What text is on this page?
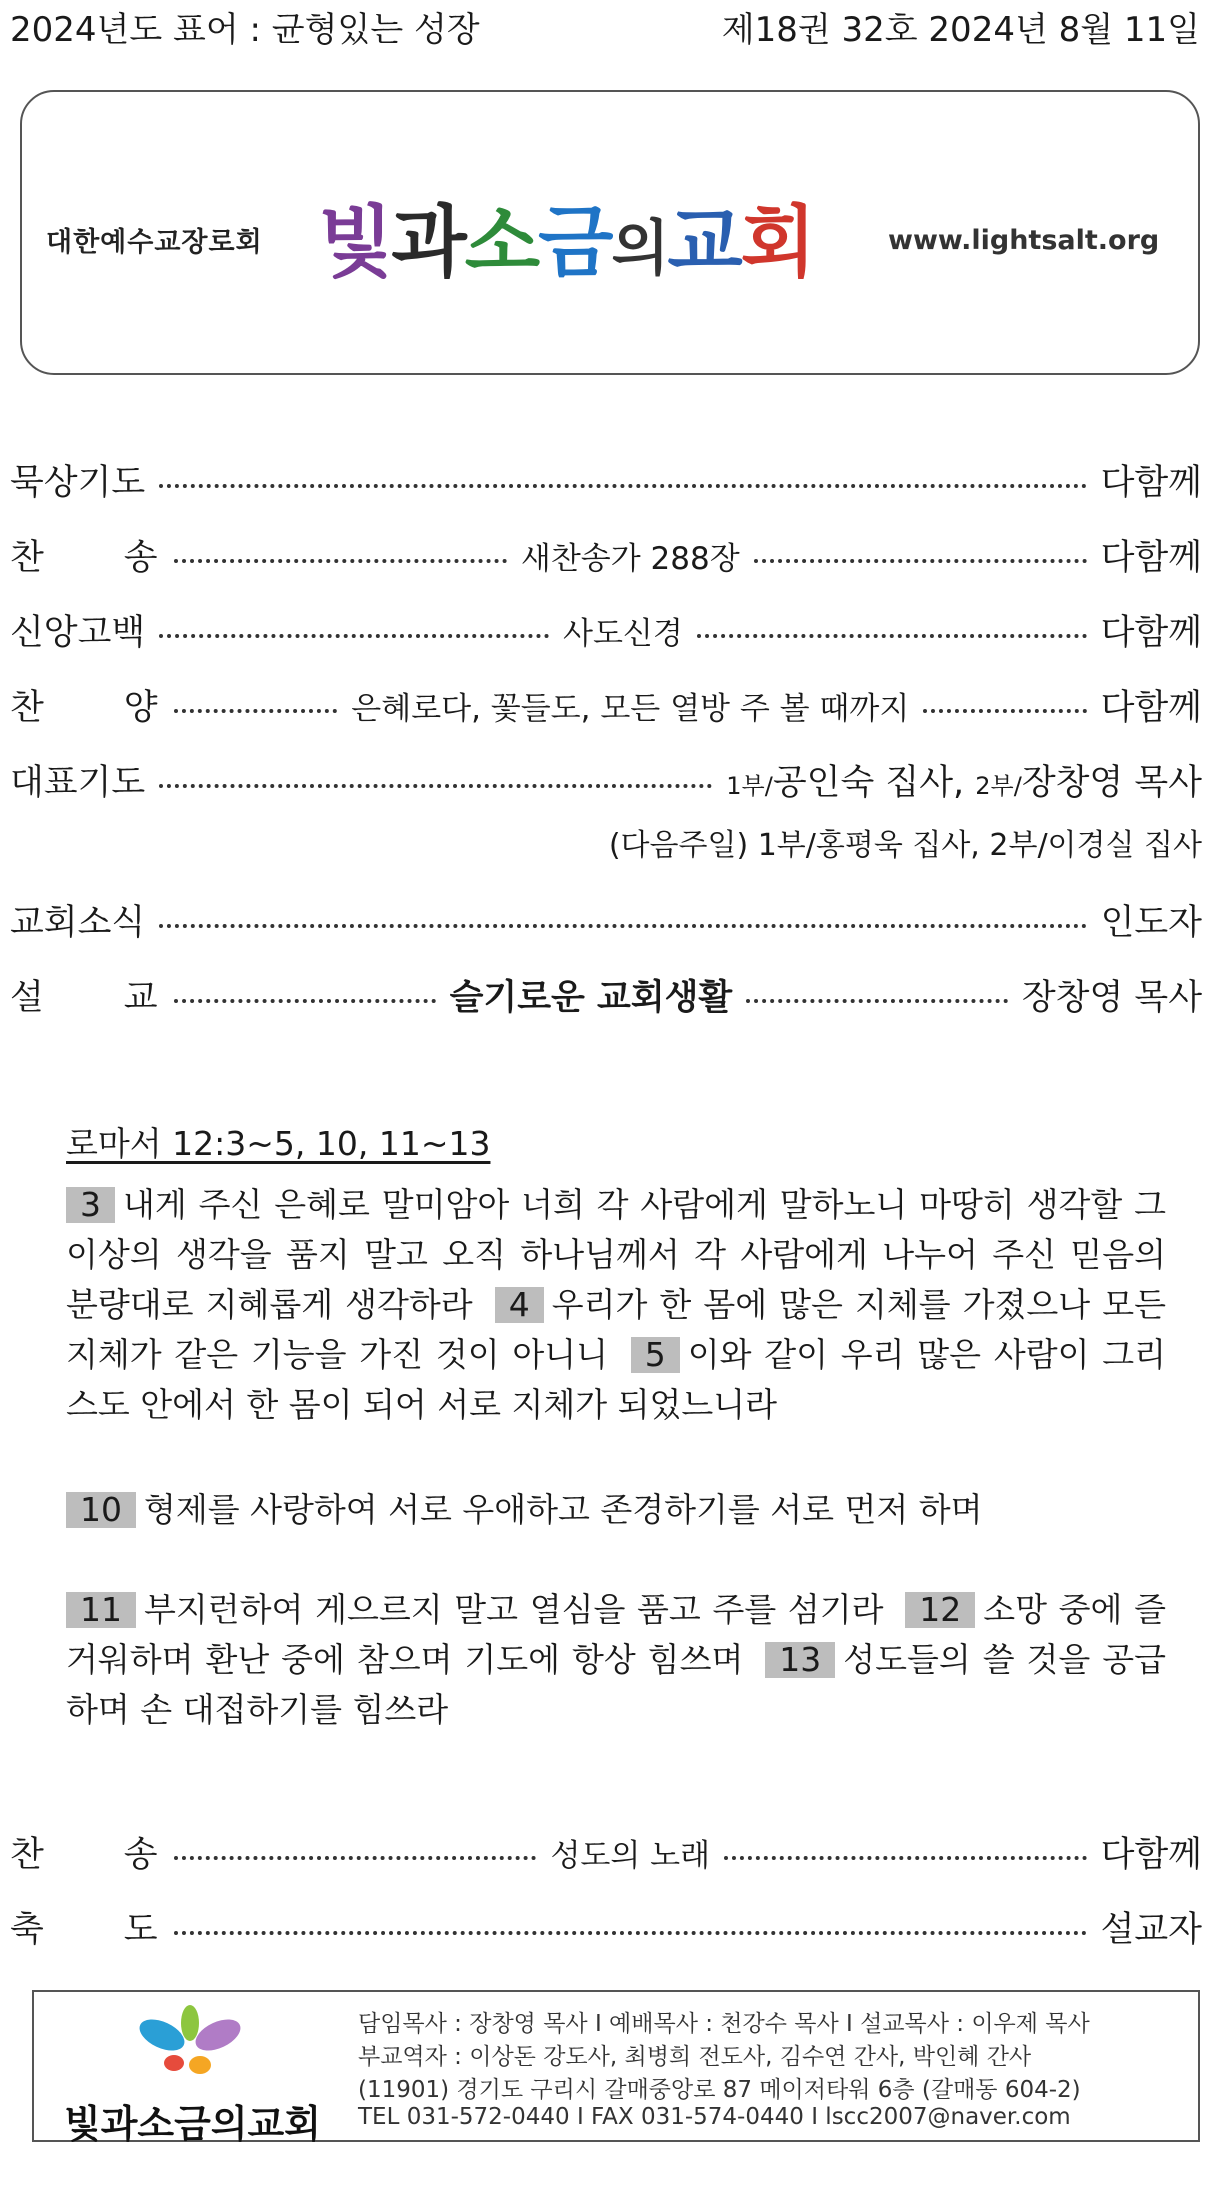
2024년도 표어 : 균형있는 성장	제18권 32호 2024년 8월 11일
대한예수교장로회 빛과소금의교회	www.lightsalt.org
묵상기도	다함께
찬송	새찬송가 288장	다함께
신앙고백	사도신경	다함께
찬양	은혜로다, 꽃들도, 모든 열방 주 볼 때까지	다함께
대표기도	1부/공인숙 집사, 2부/장창영 목사
(다음주일) 1부/홍평욱 집사, 2부/이경실 집사
교회소식	인도자
설교	슬기로운 교회생활	장창영 목사
로마서 12:3~5, 10, 11~13
3 내게 주신 은혜로 말미암아 너희 각 사람에게 말하노니 마땅히 생각할 그 이상의 생각을 품지 말고 오직 하나님께서 각 사람에게 나누어 주신 믿음의 분량대로 지혜롭게 생각하라 4 우리가 한 몸에 많은 지체를 가졌으나 모든 지체가 같은 기능을 가진 것이 아니니 5 이와 같이 우리 많은 사람이 그리스도 안에서 한 몸이 되어 서로 지체가 되었느니라
10 형제를 사랑하여 서로 우애하고 존경하기를 서로 먼저 하며
11 부지런하여 게으르지 말고 열심을 품고 주를 섬기라 12 소망 중에 즐거워하며 환난 중에 참으며 기도에 항상 힘쓰며 13 성도들의 쓸 것을 공급하며 손 대접하기를 힘쓰라
찬송	성도의 노래	다함께
축도	설교자
빛과소금의교회
담임목사 : 장창영 목사 I 예배목사 : 천강수 목사 I 설교목사 : 이우제 목사
부교역자 : 이상돈 강도사, 최병희 전도사, 김수연 간사, 박인혜 간사
(11901) 경기도 구리시 갈매중앙로 87 메이저타워 6층 (갈매동 604-2)
TEL 031-572-0440 I FAX 031-574-0440 I lscc2007@naver.com
